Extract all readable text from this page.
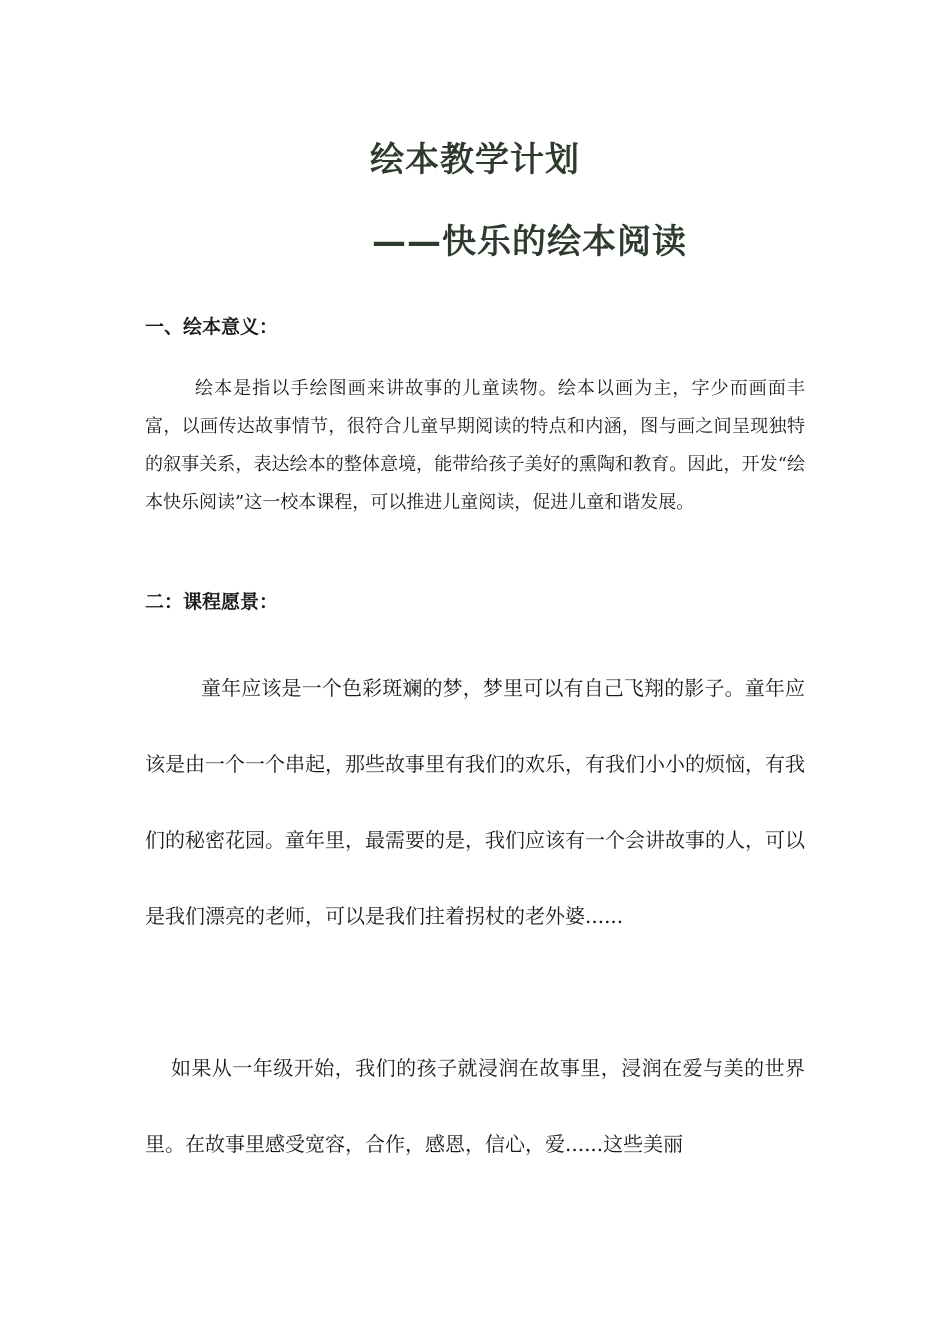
绘本教学计划
——快乐的绘本阅读
一、绘本意义：

绘本是指以手绘图画来讲故事的儿童读物。绘本以画为主，字少而画面丰富，以画传达故事情节，很符合儿童早期阅读的特点和内涵，图与画之间呈现独特的叙事关系，表达绘本的整体意境，能带给孩子美好的熏陶和教育。因此，开发“绘本快乐阅读”这一校本课程，可以推进儿童阅读，促进儿童和谐发展。

二：课程愿景：

童年应该是一个色彩斑斓的梦，梦里可以有自己飞翔的影子。童年应该是由一个一个串起，那些故事里有我们的欢乐，有我们小小的烦恼，有我们的秘密花园。童年里，最需要的是，我们应该有一个会讲故事的人，可以是我们漂亮的老师，可以是我们拄着拐杖的老外婆......

如果从一年级开始，我们的孩子就浸润在故事里，浸润在爱与美的世界里。在故事里感受宽容，合作，感恩，信心，爱......这些美丽
